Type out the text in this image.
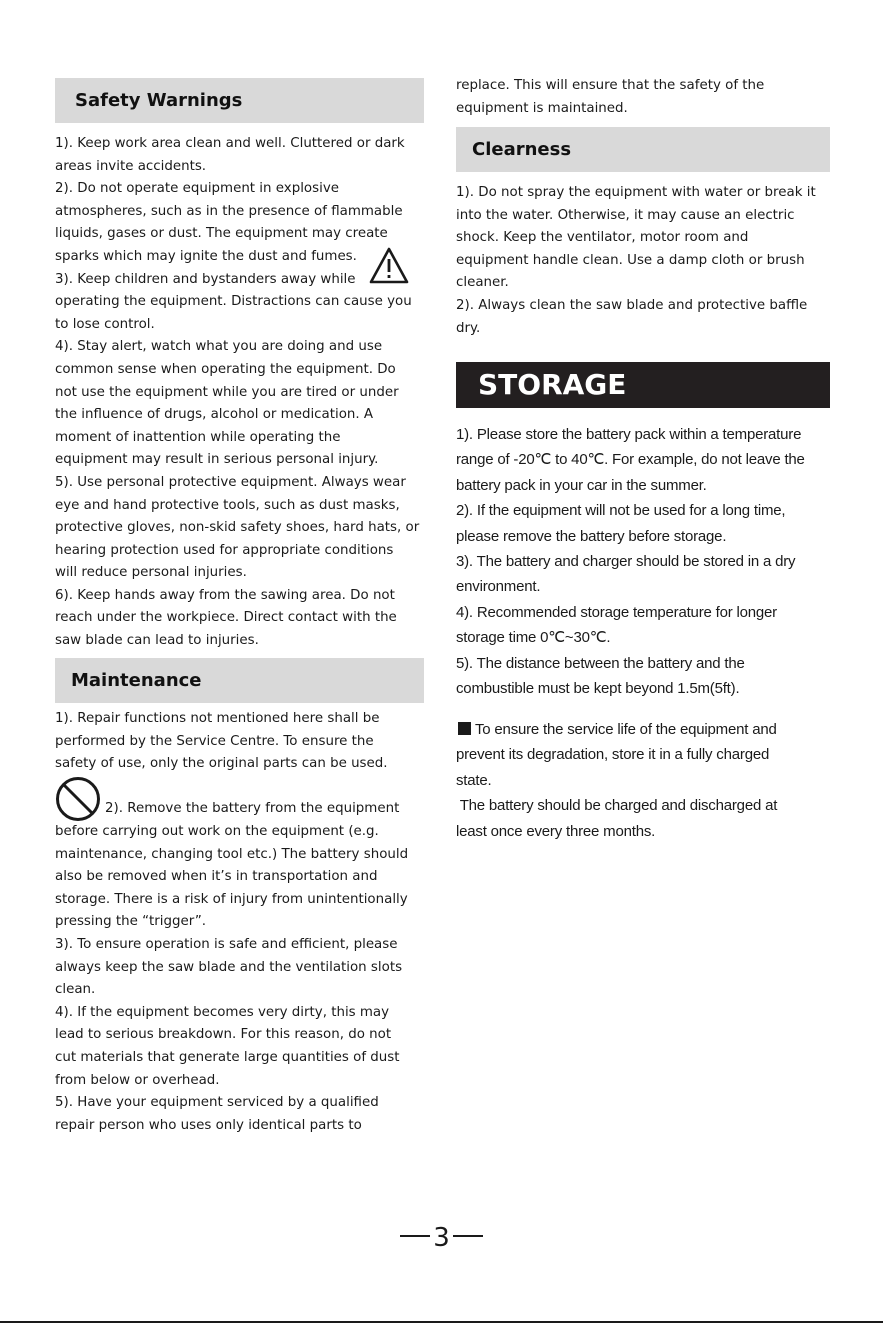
Safety Warnings

1). Keep work area clean and well. Cluttered or dark

areas invite accidents.

2). Do not operate equipment in explosive

atmospheres, such as in the presence of flammable

liquids, gases or dust. The equipment may create

sparks which may ignite the dust and fumes.

3). Keep children and bystanders away while

operating the equipment. Distractions can cause you

to lose control.

4). Stay alert, watch what you are doing and use

common sense when operating the equipment. Do

not use the equipment while you are tired or under

the influence of drugs, alcohol or medication. A

moment of inattention while operating the

equipment may result in serious personal injury.

5). Use personal protective equipment. Always wear

eye and hand protective tools, such as dust masks,

protective gloves, non-skid safety shoes, hard hats, or

hearing protection used for appropriate conditions

will reduce personal injuries.

6). Keep hands away from the sawing area. Do not

reach under the workpiece. Direct contact with the

saw blade can lead to injuries.

Maintenance

1). Repair functions not mentioned here shall be

performed by the Service Centre. To ensure the

safety of use, only the original parts can be used.

2). Remove the battery from the equipment

before carrying out work on the equipment (e.g.

maintenance, changing tool etc.) The battery should

also be removed when it’s in transportation and

storage. There is a risk of injury from unintentionally

pressing the “trigger”.

3). To ensure operation is safe and efficient, please

always keep the saw blade and the ventilation slots

clean.

4). If the equipment becomes very dirty, this may

lead to serious breakdown. For this reason, do not

cut materials that generate large quantities of dust

from below or overhead.

5). Have your equipment serviced by a qualified

repair person who uses only identical parts to

replace. This will ensure that the safety of the

equipment is maintained.

Clearness

1). Do not spray the equipment with water or break it

into the water. Otherwise, it may cause an electric

shock. Keep the ventilator, motor room and

equipment handle clean. Use a damp cloth or brush

cleaner.

2). Always clean the saw blade and protective baffle

dry.

STORAGE

1). Please store the battery pack within a temperature

range of -20℃ to 40℃. For example, do not leave the

battery pack in your car in the summer.

2). If the equipment will not be used for a long time,

please remove the battery before storage.

3). The battery and charger should be stored in a dry

environment.

4). Recommended storage temperature for longer

storage time 0℃~30℃.

5). The distance between the battery and the

combustible must be kept beyond 1.5m(5ft).

To ensure the service life of the equipment and

prevent its degradation, store it in a fully charged

state.

The battery should be charged and discharged at

least once every three months.

3
